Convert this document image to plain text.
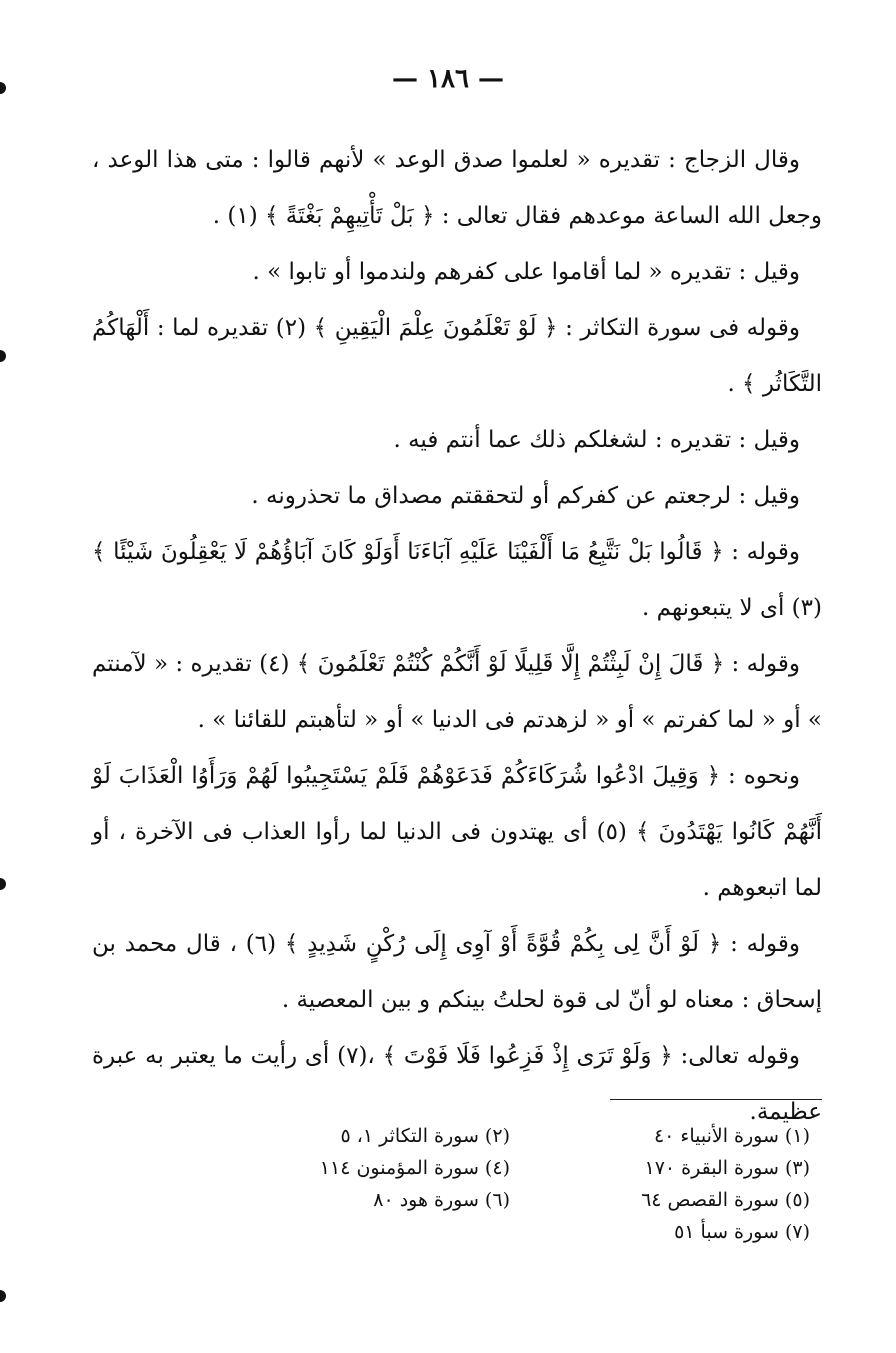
— ١٨٦ —

وقال الزجاج : تقديره « لعلموا صدق الوعد » لأنهم قالوا : متى هذا الوعد ، وجعل الله الساعة موعدهم فقال تعالى : ﴿ بَلْ تَأْتِيهِمْ بَغْتَةً ﴾ (١) .

وقيل : تقديره « لما أقاموا على كفرهم ولندموا أو تابوا » .

وقوله فى سورة التكاثر : ﴿ لَوْ تَعْلَمُونَ عِلْمَ الْيَقِينِ ﴾ (٢) تقديره لما : أَلْهَاكُمُ التَّكَاثُر ﴾ .

وقيل : تقديره : لشغلكم ذلك عما أنتم فيه .

وقيل : لرجعتم عن كفركم أو لتحققتم مصداق ما تحذرونه .

وقوله : ﴿ قَالُوا بَلْ نَتَّبِعُ مَا أَلْفَيْنَا عَلَيْهِ آبَاءَنَا أَوَلَوْ كَانَ آبَاؤُهُمْ لَا يَعْقِلُونَ شَيْئًا ﴾ (٣) أى لا يتبعونهم .

وقوله : ﴿ قَالَ إِنْ لَبِثْتُمْ إِلَّا قَلِيلًا لَوْ أَنَّكُمْ كُنْتُمْ تَعْلَمُونَ ﴾ (٤) تقديره : « لآمنتم » أو « لما كفرتم » أو « لزهدتم فى الدنيا » أو « لتأهبتم للقائنا » .

ونحوه : ﴿ وَقِيلَ ادْعُوا شُرَكَاءَكُمْ فَدَعَوْهُمْ فَلَمْ يَسْتَجِيبُوا لَهُمْ وَرَأَوُا الْعَذَابَ لَوْ أَنَّهُمْ كَانُوا يَهْتَدُونَ ﴾ (٥) أى يهتدون فى الدنيا لما رأوا العذاب فى الآخرة ، أو لما اتبعوهم .

وقوله : ﴿ لَوْ أَنَّ لِى بِكُمْ قُوَّةً أَوْ آوِى إِلَى رُكْنٍ شَدِيدٍ ﴾ (٦) ، قال محمد بن إسحاق : معناه لو أنّ لى قوة لحلتُ بينكم و بين المعصية .

وقوله تعالى: ﴿ وَلَوْ تَرَى إِذْ فَزِعُوا فَلَا فَوْتَ ﴾ ،(٧) أى رأيت ما يعتبر به عبرة عظيمة.

(١) سورة الأنبياء ٤٠
(٣) سورة البقرة ١٧٠
(٥) سورة القصص ٦٤
(٧) سورة سبأ ٥١
(٢) سورة التكاثر ١، ٥
(٤) سورة المؤمنون ١١٤
(٦) سورة هود ٨٠
